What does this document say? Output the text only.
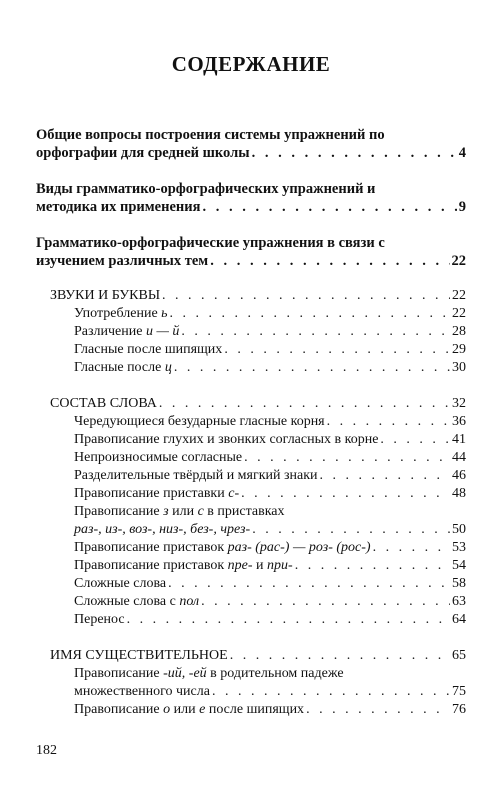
СОДЕРЖАНИЕ
Общие вопросы построения системы упражнений по
орфографии для средней школы . . .	4
Виды грамматико-орфографических упражнений и
методика их применения . . .	9
Грамматико-орфографические упражнения в связи с
изучением различных тем . . .	22
ЗВУКИ И БУКВЫ . . .	22
Употребление ь . . .	22
Различение и — й . . .	28
Гласные после шипящих . . .	29
Гласные после ц . . .	30
СОСТАВ СЛОВА . . .	32
Чередующиеся безударные гласные корня . . .	36
Правописание глухих и звонких согласных в корне . . .	41
Непроизносимые согласные . . .	44
Разделительные твёрдый и мягкий знаки . . .	46
Правописание приставки с- . . .	48
Правописание з или с в приставках
раз-, из-, воз-, низ-, без-, чрез- . . .	50
Правописание приставок раз- (рас-) — роз- (рос-) . . .	53
Правописание приставок пре- и при- . . .	54
Сложные слова . . .	58
Сложные слова с пол . . .	63
Перенос . . .	64
ИМЯ СУЩЕСТВИТЕЛЬНОЕ . . .	65
Правописание -ий, -ей в родительном падеже
множественного числа . . .	75
Правописание о или е после шипящих . . .	76
182
